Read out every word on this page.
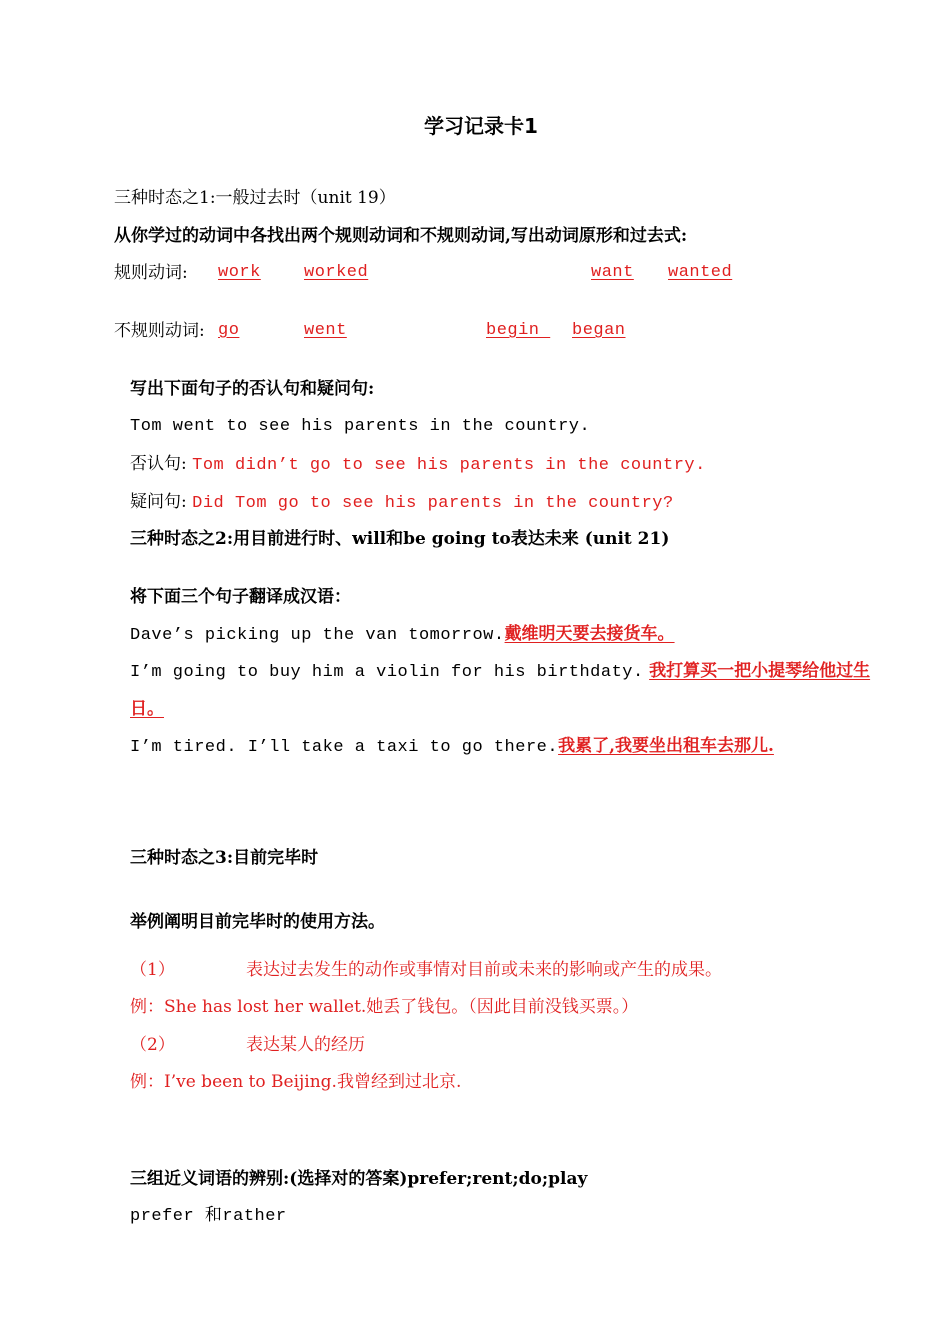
学习记录卡1
三种时态之1:一般过去时（unit 19）
从你学过的动词中各找出两个规则动词和不规则动词,写出动词原形和过去式:
规则动词: work	worked	want wanted
不规则动词: go	went	begin began
写出下面句子的否认句和疑问句:
Tom went to see his parents in the country.
否认句: Tom didn’t go to see his parents in the country.
疑问句: Did Tom go to see his parents in the country?
三种时态之2:用目前进行时、will和be going to表达未来 (unit 21)
将下面三个句子翻译成汉语：
Dave’s picking up the van tomorrow.戴维明天要去接货车。
I’m going to buy him a violin for his birthdaty. 我打算买一把小提琴给他过生
日。
I’m tired. I’ll take a taxi to go there.我累了,我要坐出租车去那儿.
三种时态之3:目前完毕时
举例阐明目前完毕时的使用方法。
（1）	表达过去发生的动作或事情对目前或未来的影响或产生的成果。
例：She has lost her wallet.她丢了钱包。（因此目前没钱买票。）
（2）	表达某人的经历
例：I’ve been to Beijing.我曾经到过北京.
三组近义词语的辨别:(选择对的答案)prefer;rent;do;play
prefer 和rather
